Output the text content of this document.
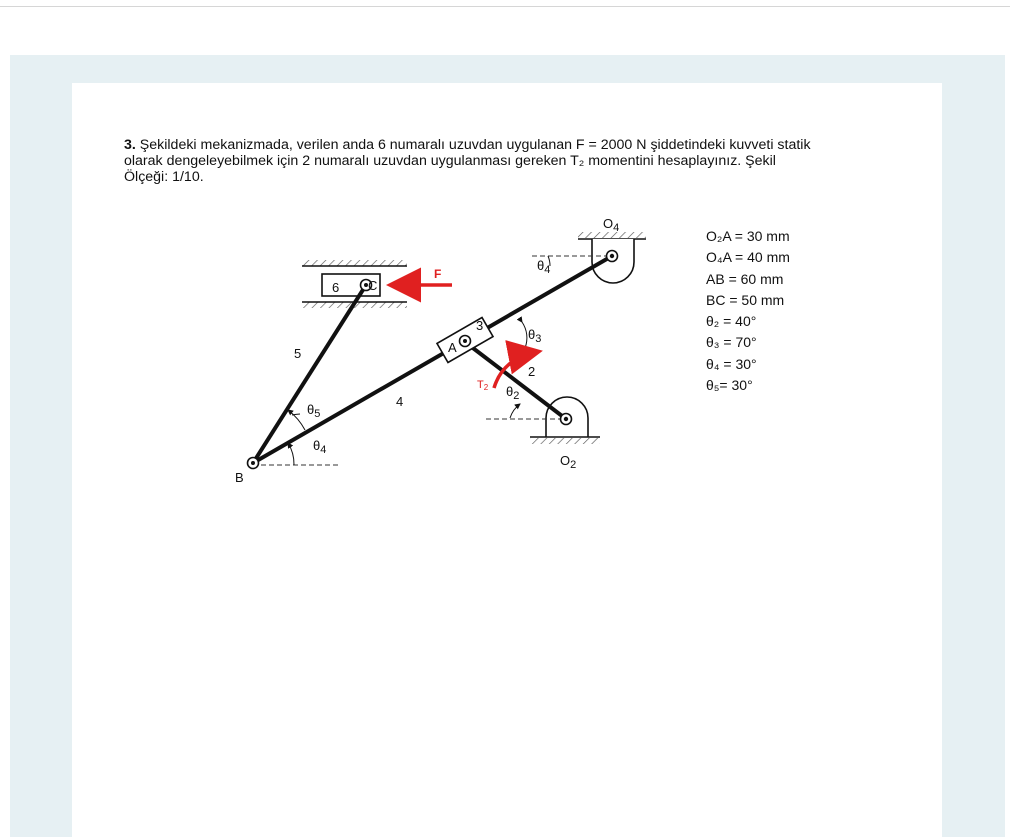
3. Şekildeki mekanizmada, verilen anda 6 numaralı uzuvdan uygulanan F = 2000 N şiddetindeki kuvveti statik
olarak dengeleyebilmek için 2 numaralı uzuvdan uygulanması gereken T₂ momentini hesaplayınız. Şekil
Ölçeği: 1/10.
O₂A = 30 mm
O₄A = 40 mm
AB = 60 mm
BC = 50 mm
θ₂ = 40°
θ₃ = 70°
θ₄ = 30°
θ₅= 30°
$O_4$
$O_2$
B
A
C
F
T2
2
3
4
5
6
$\theta_5$
$\theta_4$
$\theta_4$
$\theta_3$
$\theta_2$
